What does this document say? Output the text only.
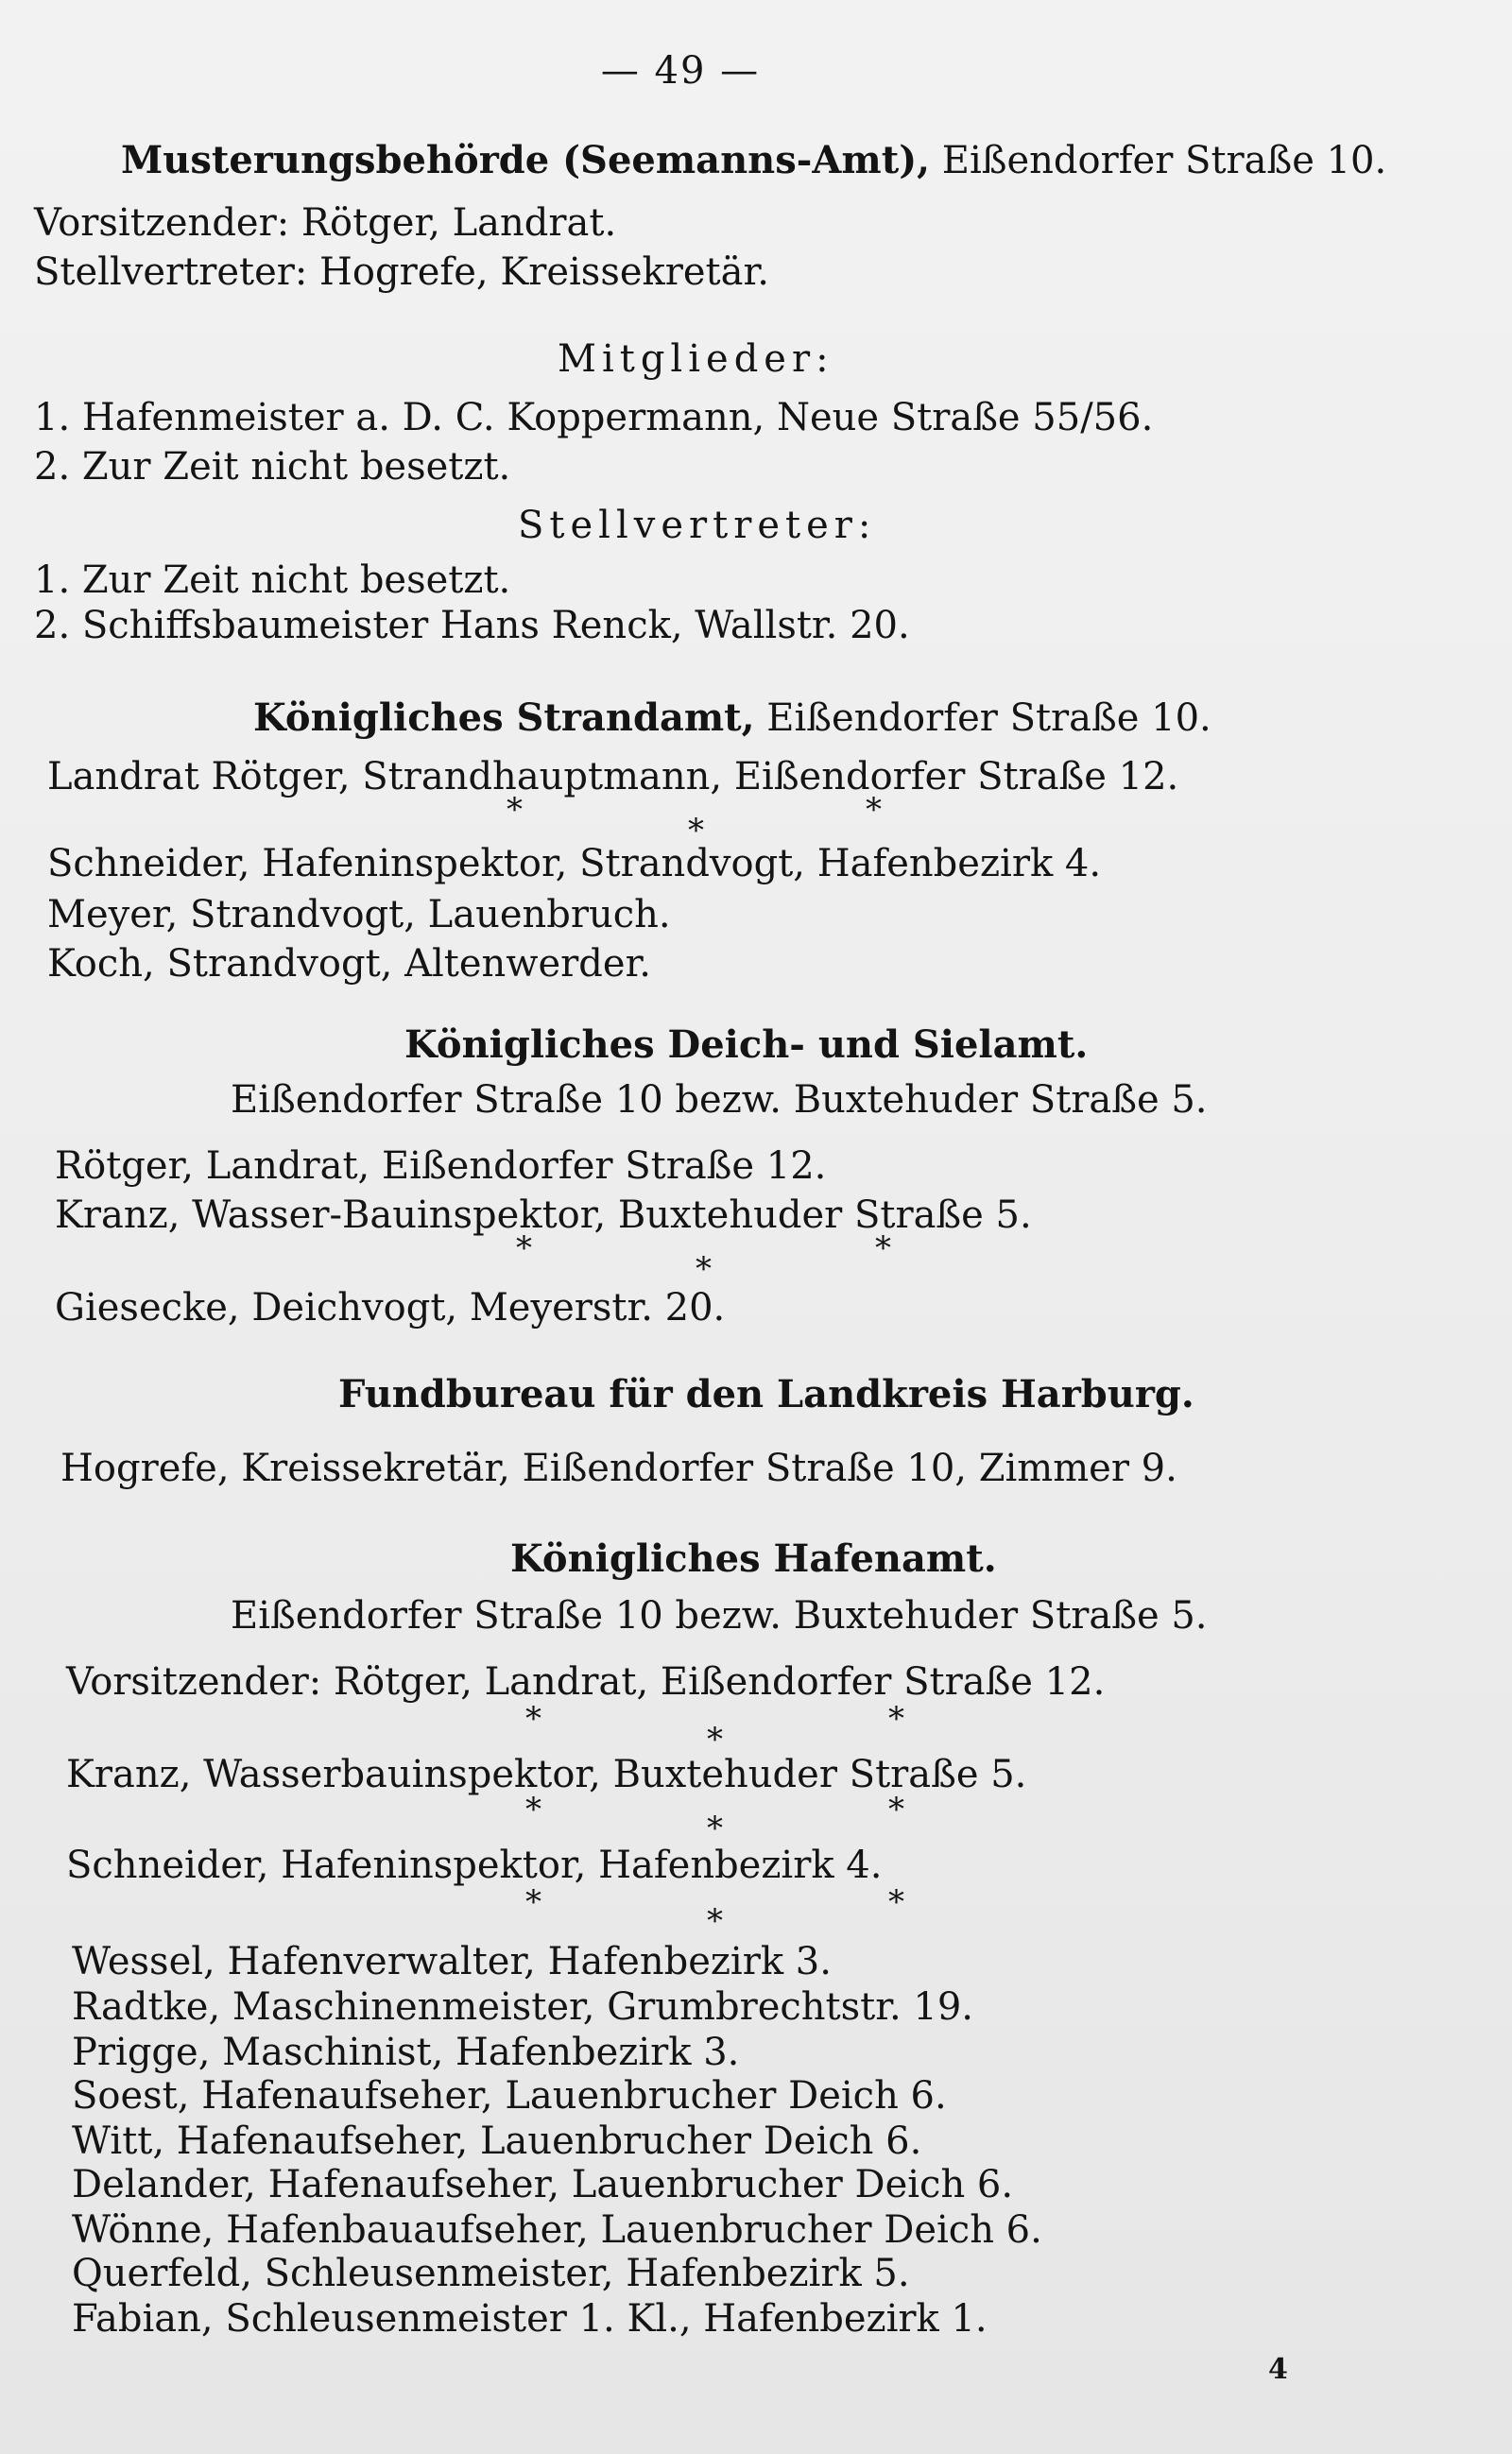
— 49 —
Musterungsbehörde (Seemanns-Amt), Eißendorfer Straße 10.
Vorsitzender: Rötger, Landrat.
Stellvertreter: Hogrefe, Kreissekretär.
Mitglieder:
1. Hafenmeister a. D. C. Koppermann, Neue Straße 55/56.
2. Zur Zeit nicht besetzt.
Stellvertreter:
1. Zur Zeit nicht besetzt.
2. Schiffsbaumeister Hans Renck, Wallstr. 20.
Königliches Strandamt, Eißendorfer Straße 10.
Landrat Rötger, Strandhauptmann, Eißendorfer Straße 12.
*
*
*
Schneider, Hafeninspektor, Strandvogt, Hafenbezirk 4.
Meyer, Strandvogt, Lauenbruch.
Koch, Strandvogt, Altenwerder.
Königliches Deich- und Sielamt.
Eißendorfer Straße 10 bezw. Buxtehuder Straße 5.
Rötger, Landrat, Eißendorfer Straße 12.
Kranz, Wasser-Bauinspektor, Buxtehuder Straße 5.
*
*
*
Giesecke, Deichvogt, Meyerstr. 20.
Fundbureau für den Landkreis Harburg.
Hogrefe, Kreissekretär, Eißendorfer Straße 10, Zimmer 9.
Königliches Hafenamt.
Eißendorfer Straße 10 bezw. Buxtehuder Straße 5.
Vorsitzender: Rötger, Landrat, Eißendorfer Straße 12.
*
*
*
Kranz, Wasserbauinspektor, Buxtehuder Straße 5.
*	*	*
Schneider, Hafeninspektor, Hafenbezirk 4.
*	*	*
Wessel, Hafenverwalter, Hafenbezirk 3.
Radtke, Maschinenmeister, Grumbrechtstr. 19.
Prigge, Maschinist, Hafenbezirk 3.
Soest, Hafenaufseher, Lauenbrucher Deich 6.
Witt, Hafenaufseher, Lauenbrucher Deich 6.
Delander, Hafenaufseher, Lauenbrucher Deich 6.
Wönne, Hafenbauaufseher, Lauenbrucher Deich 6.
Querfeld, Schleusenmeister, Hafenbezirk 5.
Fabian, Schleusenmeister 1. Kl., Hafenbezirk 1.
4
